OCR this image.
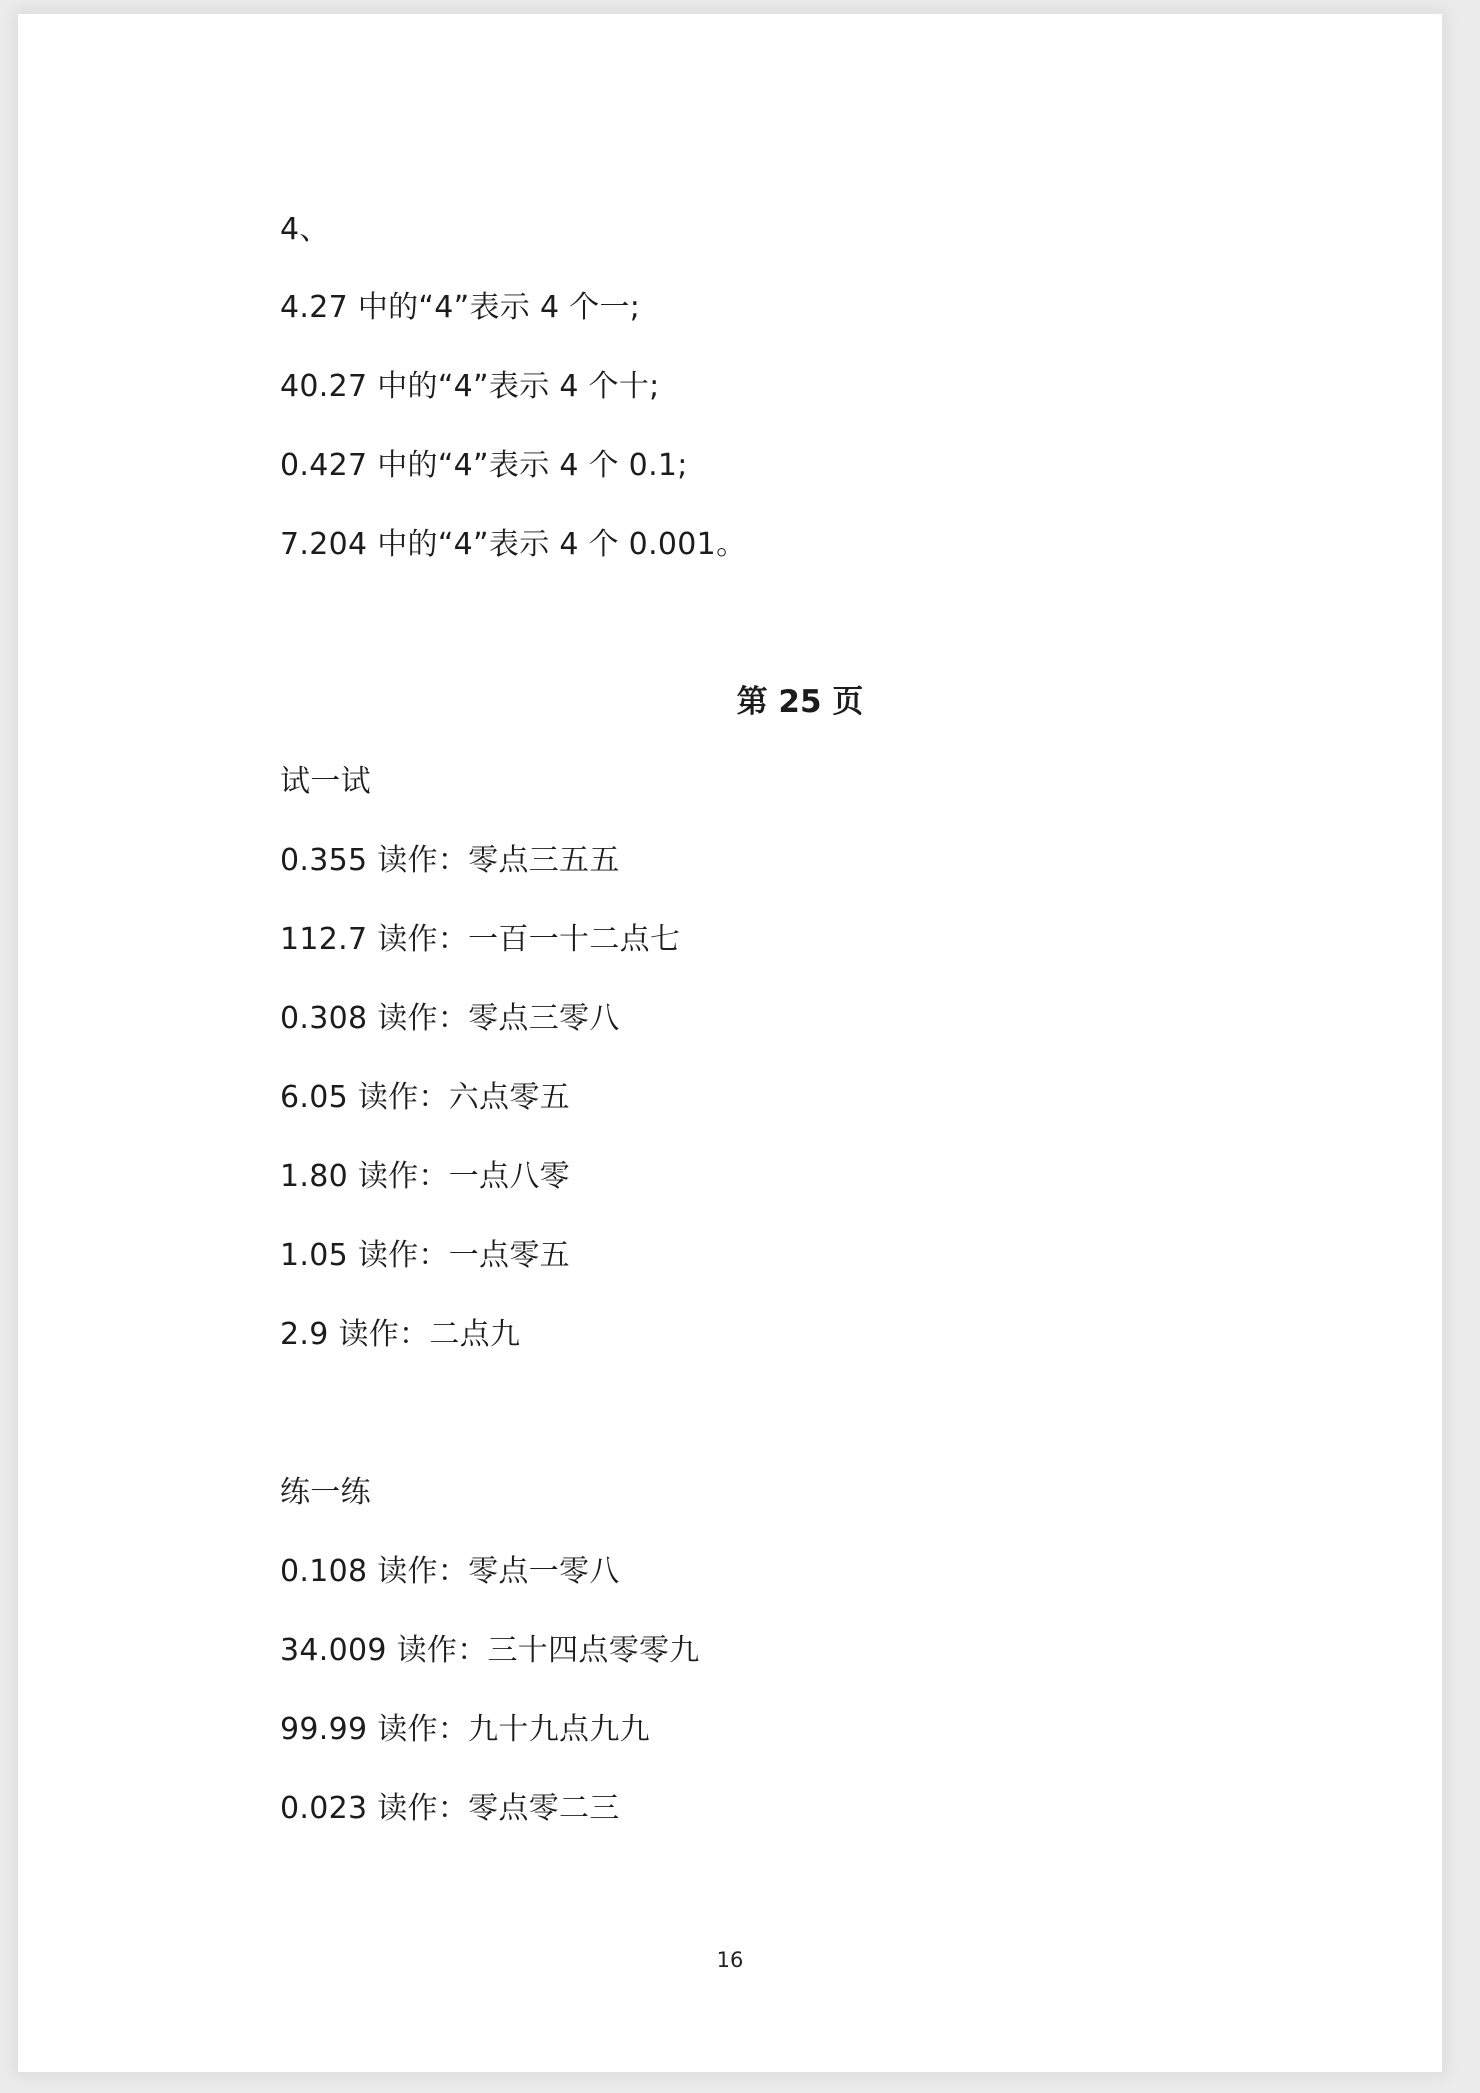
4、
4.27 中的“4”表示 4 个一;
40.27 中的“4”表示 4 个十;
0.427 中的“4”表示 4 个 0.1;
7.204 中的“4”表示 4 个 0.001。
第 25 页
试一试
0.355 读作：零点三五五
112.7 读作：一百一十二点七
0.308 读作：零点三零八
6.05 读作：六点零五
1.80 读作：一点八零
1.05 读作：一点零五
2.9 读作：二点九
练一练
0.108 读作：零点一零八
34.009 读作：三十四点零零九
99.99 读作：九十九点九九
0.023 读作：零点零二三
16
